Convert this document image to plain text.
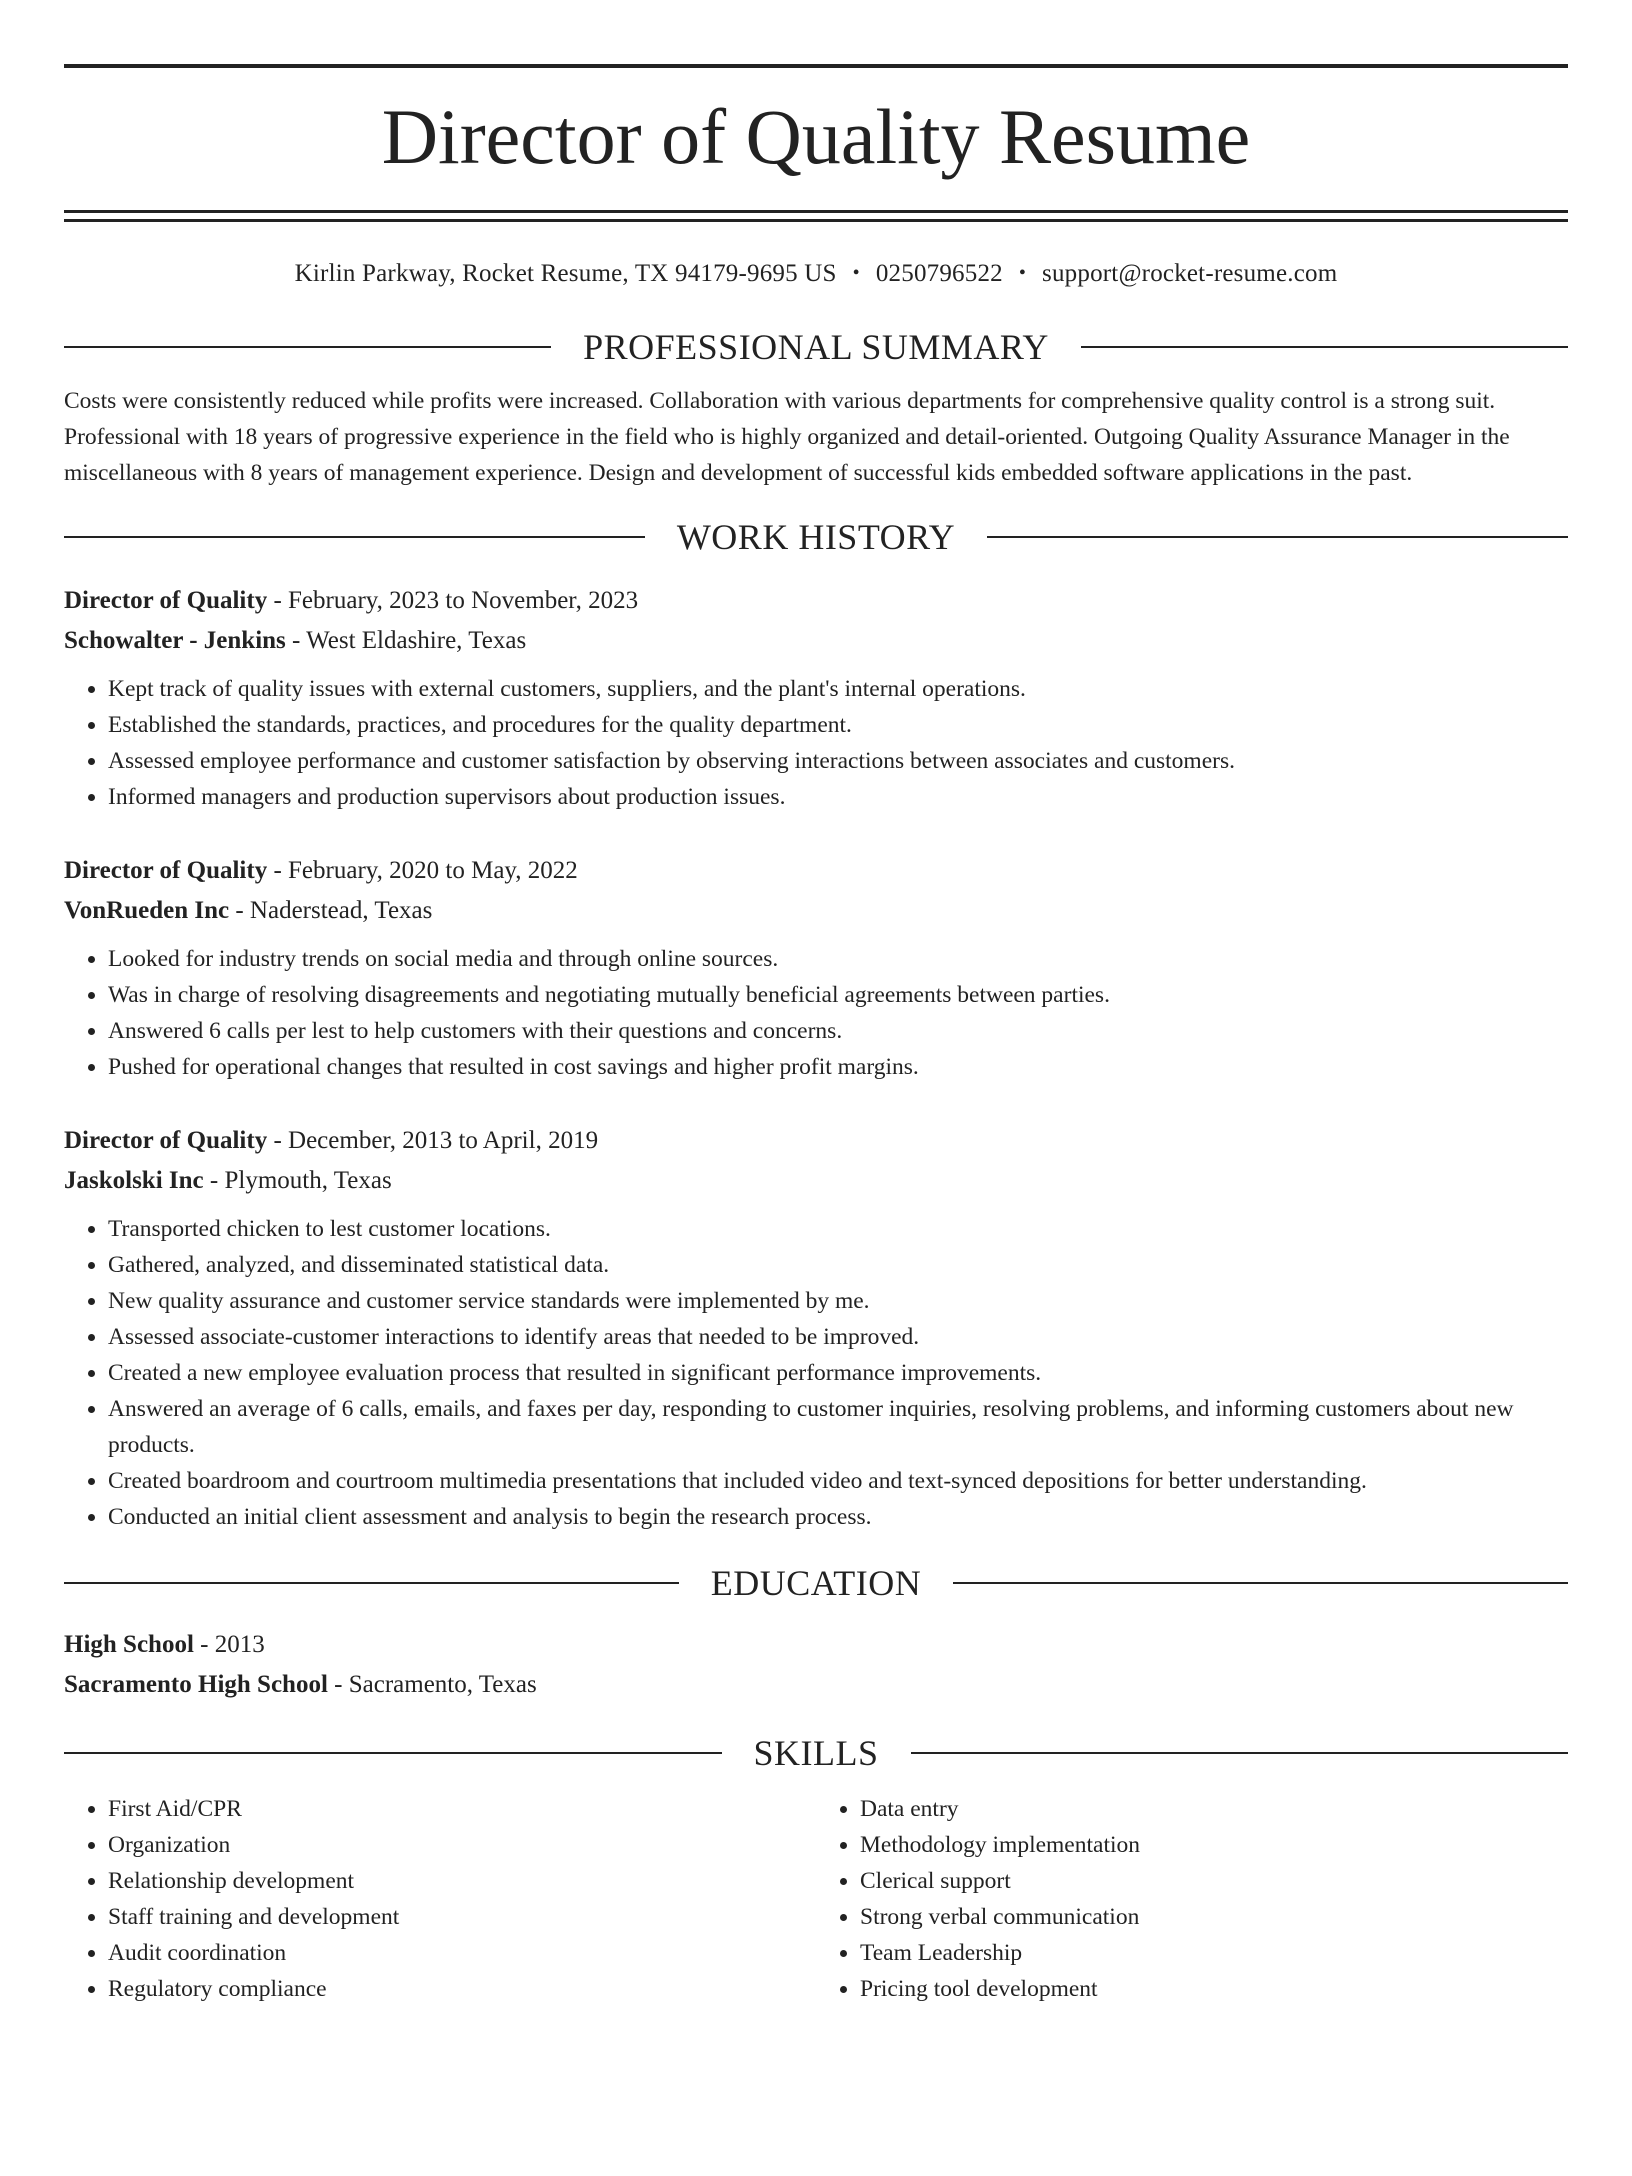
Director of Quality Resume
Kirlin Parkway, Rocket Resume, TX 94179-9695 US • 0250796522 • support@rocket-resume.com
PROFESSIONAL SUMMARY

Costs were consistently reduced while profits were increased. Collaboration with various departments for comprehensive quality control is a strong suit. Professional with 18 years of progressive experience in the field who is highly organized and detail-oriented. Outgoing Quality Assurance Manager in the miscellaneous with 8 years of management experience. Design and development of successful kids embedded software applications in the past.

WORK HISTORY
Director of Quality - February, 2023 to November, 2023
Schowalter - Jenkins - West Eldashire, Texas
• Kept track of quality issues with external customers, suppliers, and the plant's internal operations.
• Established the standards, practices, and procedures for the quality department.
• Assessed employee performance and customer satisfaction by observing interactions between associates and customers.
• Informed managers and production supervisors about production issues.
Director of Quality - February, 2020 to May, 2022
VonRueden Inc - Naderstead, Texas
• Looked for industry trends on social media and through online sources.
• Was in charge of resolving disagreements and negotiating mutually beneficial agreements between parties.
• Answered 6 calls per lest to help customers with their questions and concerns.
• Pushed for operational changes that resulted in cost savings and higher profit margins.
Director of Quality - December, 2013 to April, 2019
Jaskolski Inc - Plymouth, Texas
• Transported chicken to lest customer locations.
• Gathered, analyzed, and disseminated statistical data.
• New quality assurance and customer service standards were implemented by me.
• Assessed associate-customer interactions to identify areas that needed to be improved.
• Created a new employee evaluation process that resulted in significant performance improvements.
• Answered an average of 6 calls, emails, and faxes per day, responding to customer inquiries, resolving problems, and informing customers about new products.
• Created boardroom and courtroom multimedia presentations that included video and text-synced depositions for better understanding.
• Conducted an initial client assessment and analysis to begin the research process.
EDUCATION
High School - 2013
Sacramento High School - Sacramento, Texas
SKILLS
• First Aid/CPR
• Organization
• Relationship development
• Staff training and development
• Audit coordination
• Regulatory compliance
• Data entry
• Methodology implementation
• Clerical support
• Strong verbal communication
• Team Leadership
• Pricing tool development
